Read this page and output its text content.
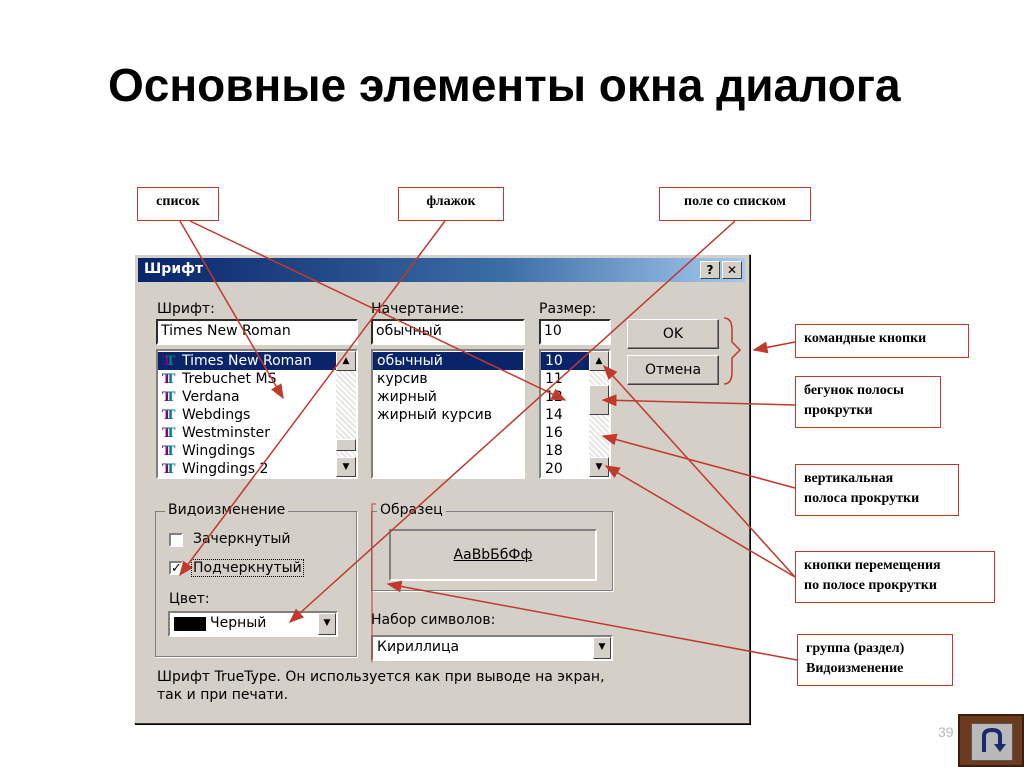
Основные элементы окна диалога
список	флажок	поле со списком
командные кнопки
бегунок полосы
прокрутки
вертикальная
полоса прокрутки
кнопки перемещения
по полосе прокрутки
группа (раздел)
Видоизменение
Шрифт	?	✕
Шрифт:
Times New Roman
TT Times New Roman
TT Trebuchet MS
TT Verdana
TT Webdings
TT Westminster
TT Wingdings
TT Wingdings 2
▲
▼
Начертание:
обычный
обычный
курсив
жирный
жирный курсив
Размер:
10
10
11
12
14
16
18
20
▲
▼
OK
Отмена
Видоизменение
Зачеркнутый
✓ Подчеркнутый
Цвет:
Черный	▼
Образец
АаВbБбФф
Набор символов:
Кириллица	▼
Шрифт TrueType. Он используется как при выводе на экран,
так и при печати.
39
